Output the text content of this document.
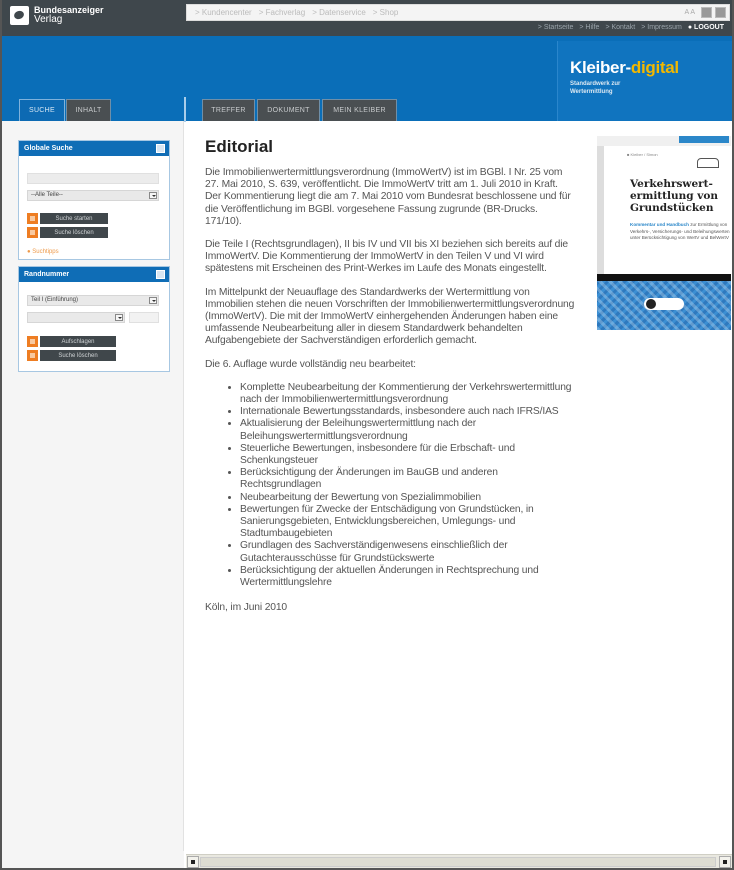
Bundesanzeiger
Verlag
> Kundencenter > Fachverlag > Datenservice > Shop	A A
> Startseite > Hilfe > Kontakt > Impressum ● LOGOUT
Kleiber-digital
Standardwerk zur
Wertermittlung
SUCHE	INHALT	TREFFER	DOKUMENT	MEIN KLEIBER
Globale Suche
--Alle Teile--
Suche starten
Suche löschen
● Suchtipps
Randnummer
Teil I (Einführung)
Aufschlagen
Suche löschen
Editorial

Die Immobilienwertermittlungsverordnung (ImmoWertV) ist im BGBl. I Nr. 25 vom 27. Mai 2010, S. 639, veröffentlicht. Die ImmoWertV tritt am 1. Juli 2010 in Kraft. Der Kommentierung liegt die am 7. Mai 2010 vom Bundesrat beschlossene und für die Veröffentlichung im BGBl. vorgesehene Fassung zugrunde (BR-Drucks. 171/10).

Die Teile I (Rechtsgrundlagen), II bis IV und VII bis XI beziehen sich bereits auf die ImmoWertV. Die Kommentierung der ImmoWertV in den Teilen V und VI wird spätestens mit Erscheinen des Print-Werkes im Laufe des Monats eingestellt.

Im Mittelpunkt der Neuauflage des Standardwerks der Wertermittlung von Immobilien stehen die neuen Vorschriften der Immobilienwertermittlungsverordnung (ImmoWertV). Die mit der ImmoWertV einhergehenden Änderungen haben eine umfassende Neubearbeitung aller in diesem Standardwerk behandelten Aufgabengebiete der Sachverständigen erforderlich gemacht.

Die 6. Auflage wurde vollständig neu bearbeitet:

• Komplette Neubearbeitung der Kommentierung der Verkehrswertermittlung nach der Immobilienwertermittlungsverordnung
• Internationale Bewertungsstandards, insbesondere auch nach IFRS/IAS
• Aktualisierung der Beleihungswertermittlung nach der Beleihungswertermittlungsverordnung
• Steuerliche Bewertungen, insbesondere für die Erbschaft- und Schenkungsteuer
• Berücksichtigung der Änderungen im BauGB und anderen Rechtsgrundlagen
• Neubearbeitung der Bewertung von Spezialimmobilien
• Bewertungen für Zwecke der Entschädigung von Grundstücken, in Sanierungsgebieten, Entwicklungsbereichen, Umlegungs- und Stadtumbaugebieten
• Grundlagen des Sachverständigenwesens einschließlich der Gutachterausschüsse für Grundstückswerte
• Berücksichtigung der aktuellen Änderungen in Rechtsprechung und Wertermittlungslehre

Köln, im Juni 2010

■ Kleiber / Simon
Verkehrswert-ermittlung von Grundstücken
Kommentar und Handbuch zur Ermittlung von Verkehrs-, Versicherungs- und Beleihungswerten unter Berücksichtigung von WertV und BelWertV
